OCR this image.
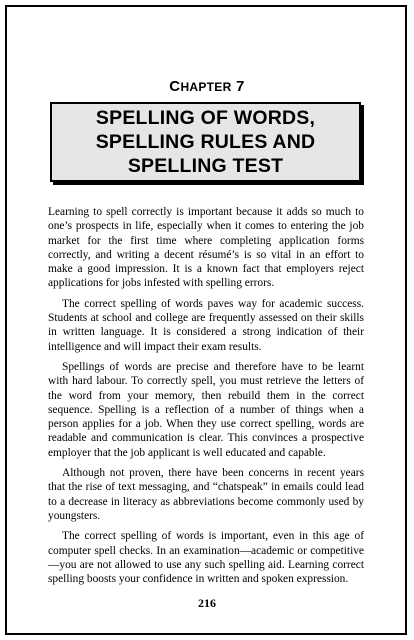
CHAPTER 7
SPELLING OF WORDS,
SPELLING RULES AND
SPELLING TEST

Learning to spell correctly is important because it adds so much to one’s prospects in life, especially when it comes to entering the job market for the first time where completing application forms correctly, and writing a decent résumé’s is so vital in an effort to make a good impression. It is a known fact that employers reject applications for jobs infested with spelling errors.

The correct spelling of words paves way for academic success. Students at school and college are frequently assessed on their skills in written language. It is considered a strong indication of their intelligence and will impact their exam results.

Spellings of words are precise and therefore have to be learnt with hard labour. To correctly spell, you must retrieve the letters of the word from your memory, then rebuild them in the correct sequence. Spelling is a reflection of a number of things when a person applies for a job. When they use correct spelling, words are readable and communication is clear. This convinces a prospective employer that the job applicant is well educated and capable.

Although not proven, there have been concerns in recent years that the rise of text messaging, and “chatspeak” in emails could lead to a decrease in literacy as abbreviations become commonly used by youngsters.

The correct spelling of words is important, even in this age of computer spell checks. In an examination—academic or competitive—you are not allowed to use any such spelling aid. Learning correct spelling boosts your confidence in written and spoken expression.

216
